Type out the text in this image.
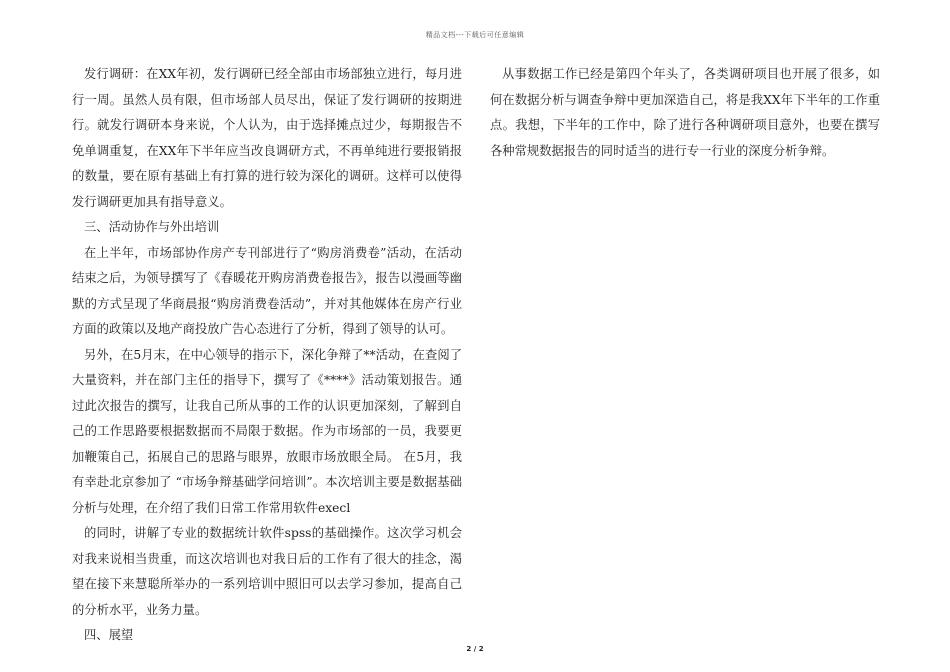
精品文档---下载后可任意编辑

发行调研：在XX年初，发行调研已经全部由市场部独立进行，每月进行一周。虽然人员有限，但市场部人员尽出，保证了发行调研的按期进行。就发行调研本身来说，个人认为，由于选择摊点过少，每期报告不免单调重复，在XX年下半年应当改良调研方式，不再单纯进行要报销报的数量，要在原有基础上有打算的进行较为深化的调研。这样可以使得发行调研更加具有指导意义。

三、活动协作与外出培训

在上半年，市场部协作房产专刊部进行了“购房消费卷”活动，在活动结束之后，为领导撰写了《春暖花开购房消费卷报告》，报告以漫画等幽默的方式呈现了华商晨报“购房消费卷活动”，并对其他媒体在房产行业方面的政策以及地产商投放广告心态进行了分析，得到了领导的认可。

另外，在5月末，在中心领导的指示下，深化争辩了**活动，在查阅了大量资料，并在部门主任的指导下，撰写了《****》活动策划报告。通过此次报告的撰写，让我自己所从事的工作的认识更加深刻，了解到自己的工作思路要根据数据而不局限于数据。作为市场部的一员，我要更加鞭策自己，拓展自己的思路与眼界，放眼市场放眼全局。 在5月，我有幸赴北京参加了 “市场争辩基础学问培训”。本次培训主要是数据基础分析与处理，在介绍了我们日常工作常用软件execl

的同时，讲解了专业的数据统计软件spss的基础操作。这次学习机会对我来说相当贵重，而这次培训也对我日后的工作有了很大的挂念，渴望在接下来慧聪所举办的一系列培训中照旧可以去学习参加，提高自己的分析水平，业务力量。

四、展望

从事数据工作已经是第四个年头了，各类调研项目也开展了很多，如何在数据分析与调查争辩中更加深造自己，将是我XX年下半年的工作重点。我想，下半年的工作中，除了进行各种调研项目意外，也要在撰写各种常规数据报告的同时适当的进行专一行业的深度分析争辩。

2 / 2
